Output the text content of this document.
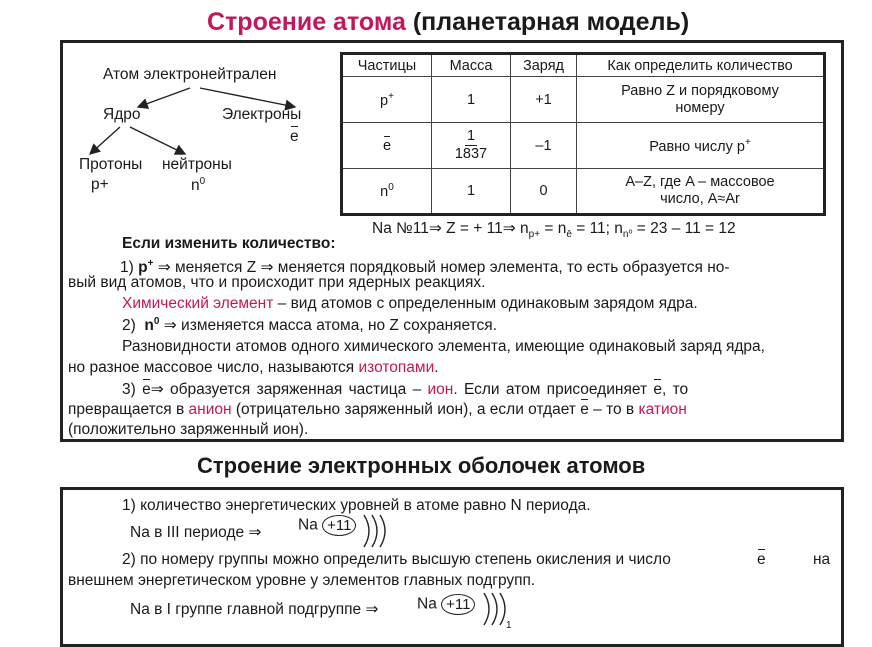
Строение атома (планетарная модель)
Атом электронейтрален
Ядро	Электроны
e
Протоны нейтроны
p+	$n^0$
Частицы	Масса	Заряд	Как определить количество
p+	1	+1	Равно Z и порядковому
номеру
e	$\frac{1}{1837}$	–1	Равно числу p+
$n^0$	1	0	A–Z, где A – массовое
число, A≈Ar
Na №11⇒ Z = + 11⇒ $n_{p+} = n_ē = 11$; $n_{n^0} = 23 - 11 = 12$
Если изменить количество:
1) p+ ⇒ меняется Z ⇒ меняется порядковый номер элемента, то есть образуется но-
вый вид атомов, что и происходит при ядерных реакциях.
Химический элемент – вид атомов с определенным одинаковым зарядом ядра.
2) $n^0$ ⇒ изменяется масса атома, но Z сохраняется.
Разновидности атомов одного химического элемента, имеющие одинаковый заряд ядра,
но разное массовое число, называются изотопами.
3) e⇒ образуется заряженная частица – ион. Если атом присоединяет e, то
превращается в анион (отрицательно заряженный ион), а если отдает e – то в катион
(положительно заряженный ион).
Строение электронных оболочек атомов
1) количество энергетических уровней в атоме равно N периода.
Na в III периоде ⇒ Na +11
2) по номеру группы можно определить высшую степень окисления и число	e	на
внешнем энергетическом уровне у элементов главных подгрупп.
Na в I группе главной подгруппе ⇒ Na +11
1
